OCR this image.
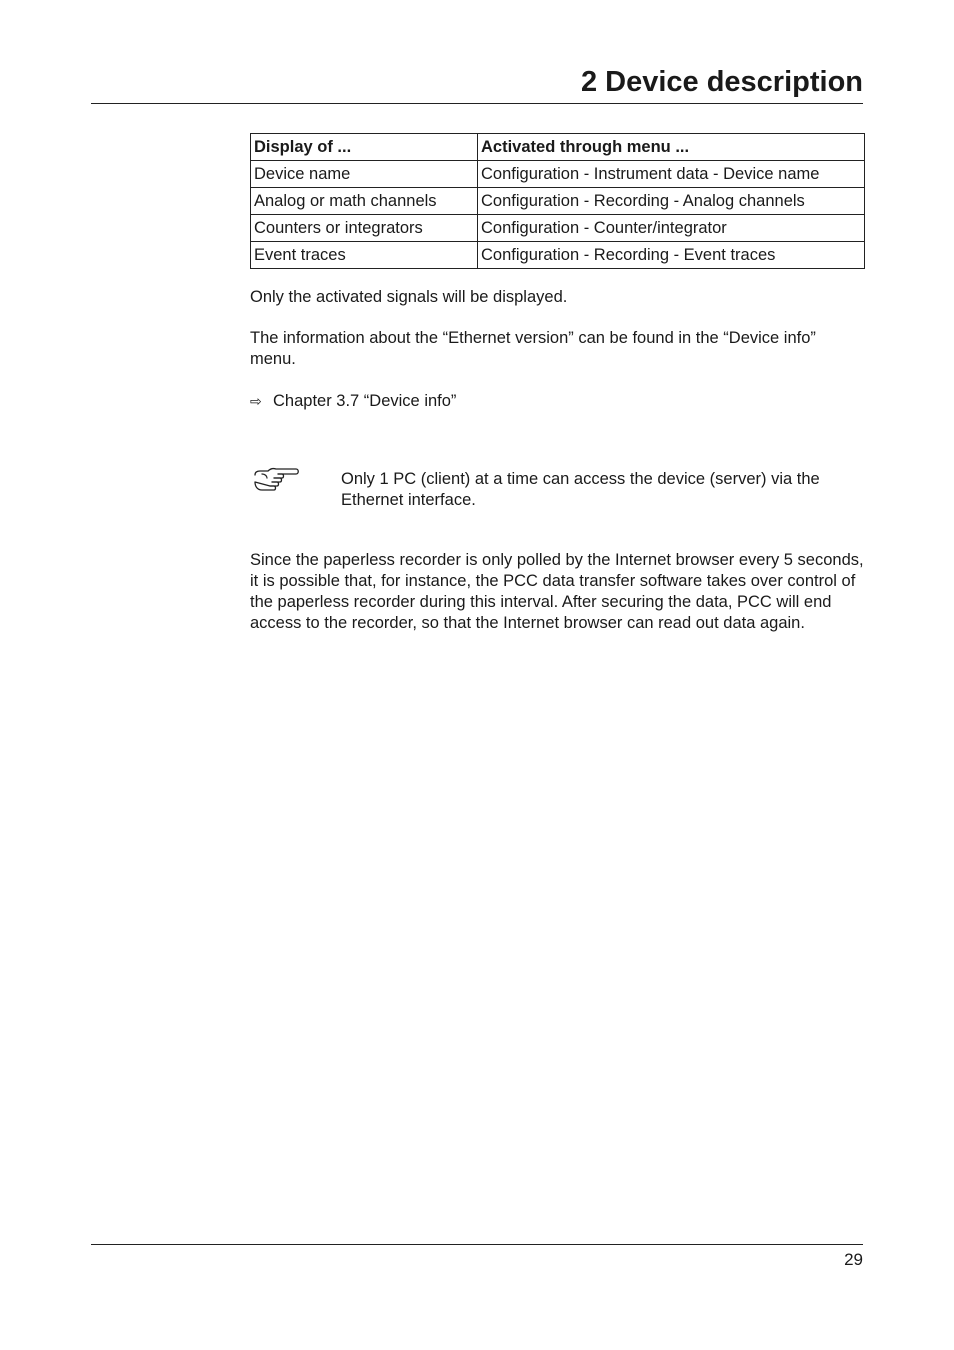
2 Device description
Display of ...	Activated through menu ...
Device name	Configuration - Instrument data - Device name
Analog or math channels	Configuration - Recording - Analog channels
Counters or integrators	Configuration - Counter/integrator
Event traces	Configuration - Recording - Event traces

Only the activated signals will be displayed.

The information about the “Ethernet version” can be found in the “Device info” menu.

⇨ Chapter 3.7 “Device info”

Only 1 PC (client) at a time can access the device (server) via the Ethernet interface.

Since the paperless recorder is only polled by the Internet browser every 5 seconds, it is possible that, for instance, the PCC data transfer software takes over control of the paperless recorder during this interval. After securing the data, PCC will end access to the recorder, so that the Internet browser can read out data again.

29
